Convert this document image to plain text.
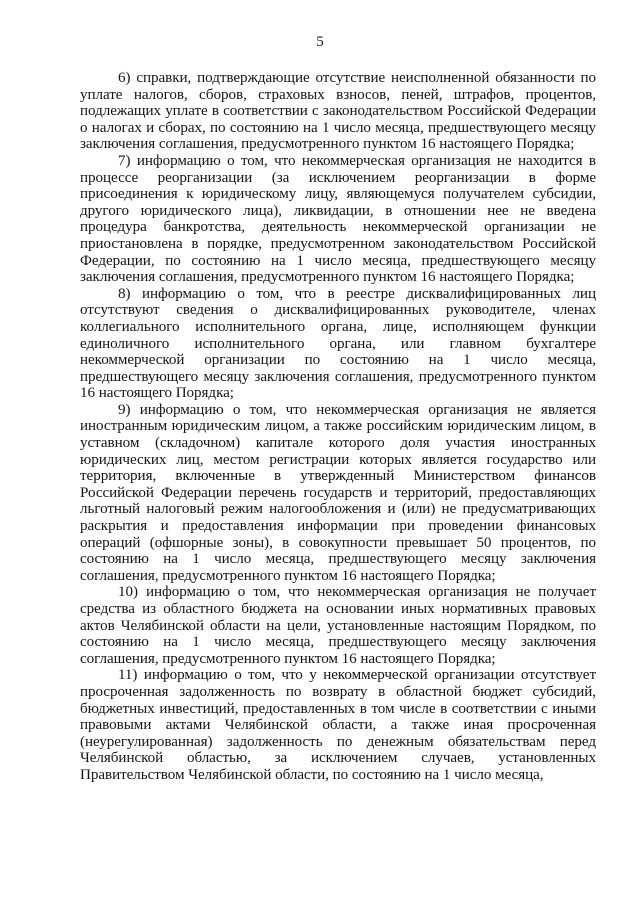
5

6) справки, подтверждающие отсутствие неисполненной обязанности по уплате налогов, сборов, страховых взносов, пеней, штрафов, процентов, подлежащих уплате в соответствии с законодательством Российской Федерации о налогах и сборах, по состоянию на 1 число месяца, предшествующего месяцу заключения соглашения, предусмотренного пунктом 16 настоящего Порядка;

7) информацию о том, что некоммерческая организация не находится в процессе реорганизации (за исключением реорганизации в форме присоединения к юридическому лицу, являющемуся получателем субсидии, другого юридического лица), ликвидации, в отношении нее не введена процедура банкротства, деятельность некоммерческой организации не приостановлена в порядке, предусмотренном законодательством Российской Федерации, по состоянию на 1 число месяца, предшествующего месяцу заключения соглашения, предусмотренного пунктом 16 настоящего Порядка;

8) информацию о том, что в реестре дисквалифицированных лиц отсутствуют сведения о дисквалифицированных руководителе, членах коллегиального исполнительного органа, лице, исполняющем функции единоличного исполнительного органа, или главном бухгалтере некоммерческой организации по состоянию на 1 число месяца, предшествующего месяцу заключения соглашения, предусмотренного пунктом 16 настоящего Порядка;

9) информацию о том, что некоммерческая организация не является иностранным юридическим лицом, а также российским юридическим лицом, в уставном (складочном) капитале которого доля участия иностранных юридических лиц, местом регистрации которых является государство или территория, включенные в утвержденный Министерством финансов Российской Федерации перечень государств и территорий, предоставляющих льготный налоговый режим налогообложения и (или) не предусматривающих раскрытия и предоставления информации при проведении финансовых операций (офшорные зоны), в совокупности превышает 50 процентов, по состоянию на 1 число месяца, предшествующего месяцу заключения соглашения, предусмотренного пунктом 16 настоящего Порядка;

10) информацию о том, что некоммерческая организация не получает средства из областного бюджета на основании иных нормативных правовых актов Челябинской области на цели, установленные настоящим Порядком, по состоянию на 1 число месяца, предшествующего месяцу заключения соглашения, предусмотренного пунктом 16 настоящего Порядка;

11) информацию о том, что у некоммерческой организации отсутствует просроченная задолженность по возврату в областной бюджет субсидий, бюджетных инвестиций, предоставленных в том числе в соответствии с иными правовыми актами Челябинской области, а также иная просроченная (неурегулированная) задолженность по денежным обязательствам перед Челябинской областью, за исключением случаев, установленных Правительством Челябинской области, по состоянию на 1 число месяца,
